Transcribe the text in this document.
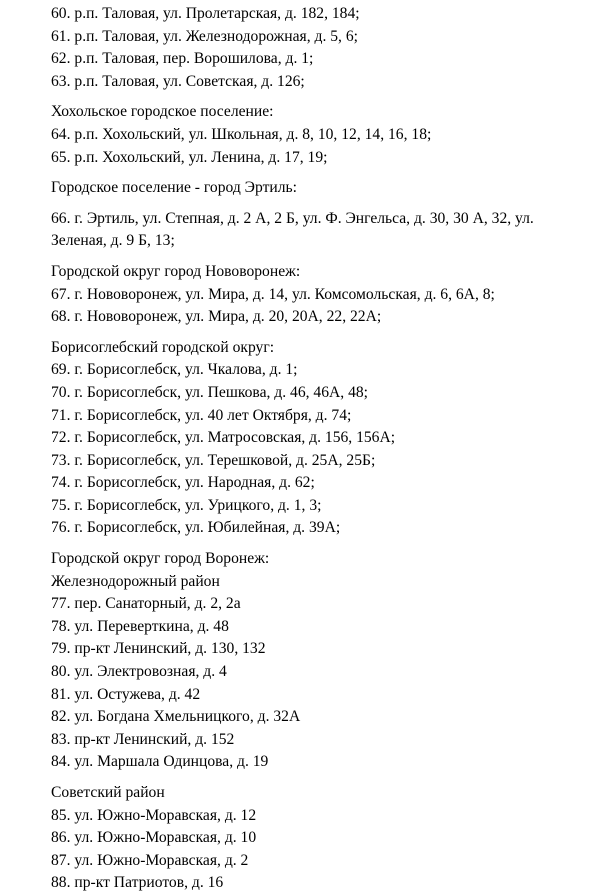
60. р.п. Таловая, ул. Пролетарская, д. 182, 184;
61. р.п. Таловая, ул. Железнодорожная, д. 5, 6;
62. р.п. Таловая, пер. Ворошилова, д. 1;
63. р.п. Таловая, ул. Советская, д. 126;
Хохольское городское поселение:
64. р.п. Хохольский, ул. Школьная, д. 8, 10, 12, 14, 16, 18;
65. р.п. Хохольский, ул. Ленина, д. 17, 19;
Городское поселение - город Эртиль:
66. г. Эртиль, ул. Степная, д. 2 А, 2 Б, ул. Ф. Энгельса, д. 30, 30 А, 32, ул.
Зеленая, д. 9 Б, 13;
Городской округ город Нововоронеж:
67. г. Нововоронеж, ул. Мира, д. 14, ул. Комсомольская, д. 6, 6А, 8;
68. г. Нововоронеж, ул. Мира, д. 20, 20А, 22, 22А;
Борисоглебский городской округ:
69. г. Борисоглебск, ул. Чкалова, д. 1;
70. г. Борисоглебск, ул. Пешкова, д. 46, 46А, 48;
71. г. Борисоглебск, ул. 40 лет Октября, д. 74;
72. г. Борисоглебск, ул. Матросовская, д. 156, 156А;
73. г. Борисоглебск, ул. Терешковой, д. 25А, 25Б;
74. г. Борисоглебск, ул. Народная, д. 62;
75. г. Борисоглебск, ул. Урицкого, д. 1, 3;
76. г. Борисоглебск, ул. Юбилейная, д. 39А;
Городской округ город Воронеж:
Железнодорожный район
77. пер. Санаторный, д. 2, 2а
78. ул. Переверткина, д. 48
79. пр-кт Ленинский, д. 130, 132
80. ул. Электровозная, д. 4
81. ул. Остужева, д. 42
82. ул. Богдана Хмельницкого, д. 32А
83. пр-кт Ленинский, д. 152
84. ул. Маршала Одинцова, д. 19
Советский район
85. ул. Южно-Моравская, д. 12
86. ул. Южно-Моравская, д. 10
87. ул. Южно-Моравская, д. 2
88. пр-кт Патриотов, д. 16
